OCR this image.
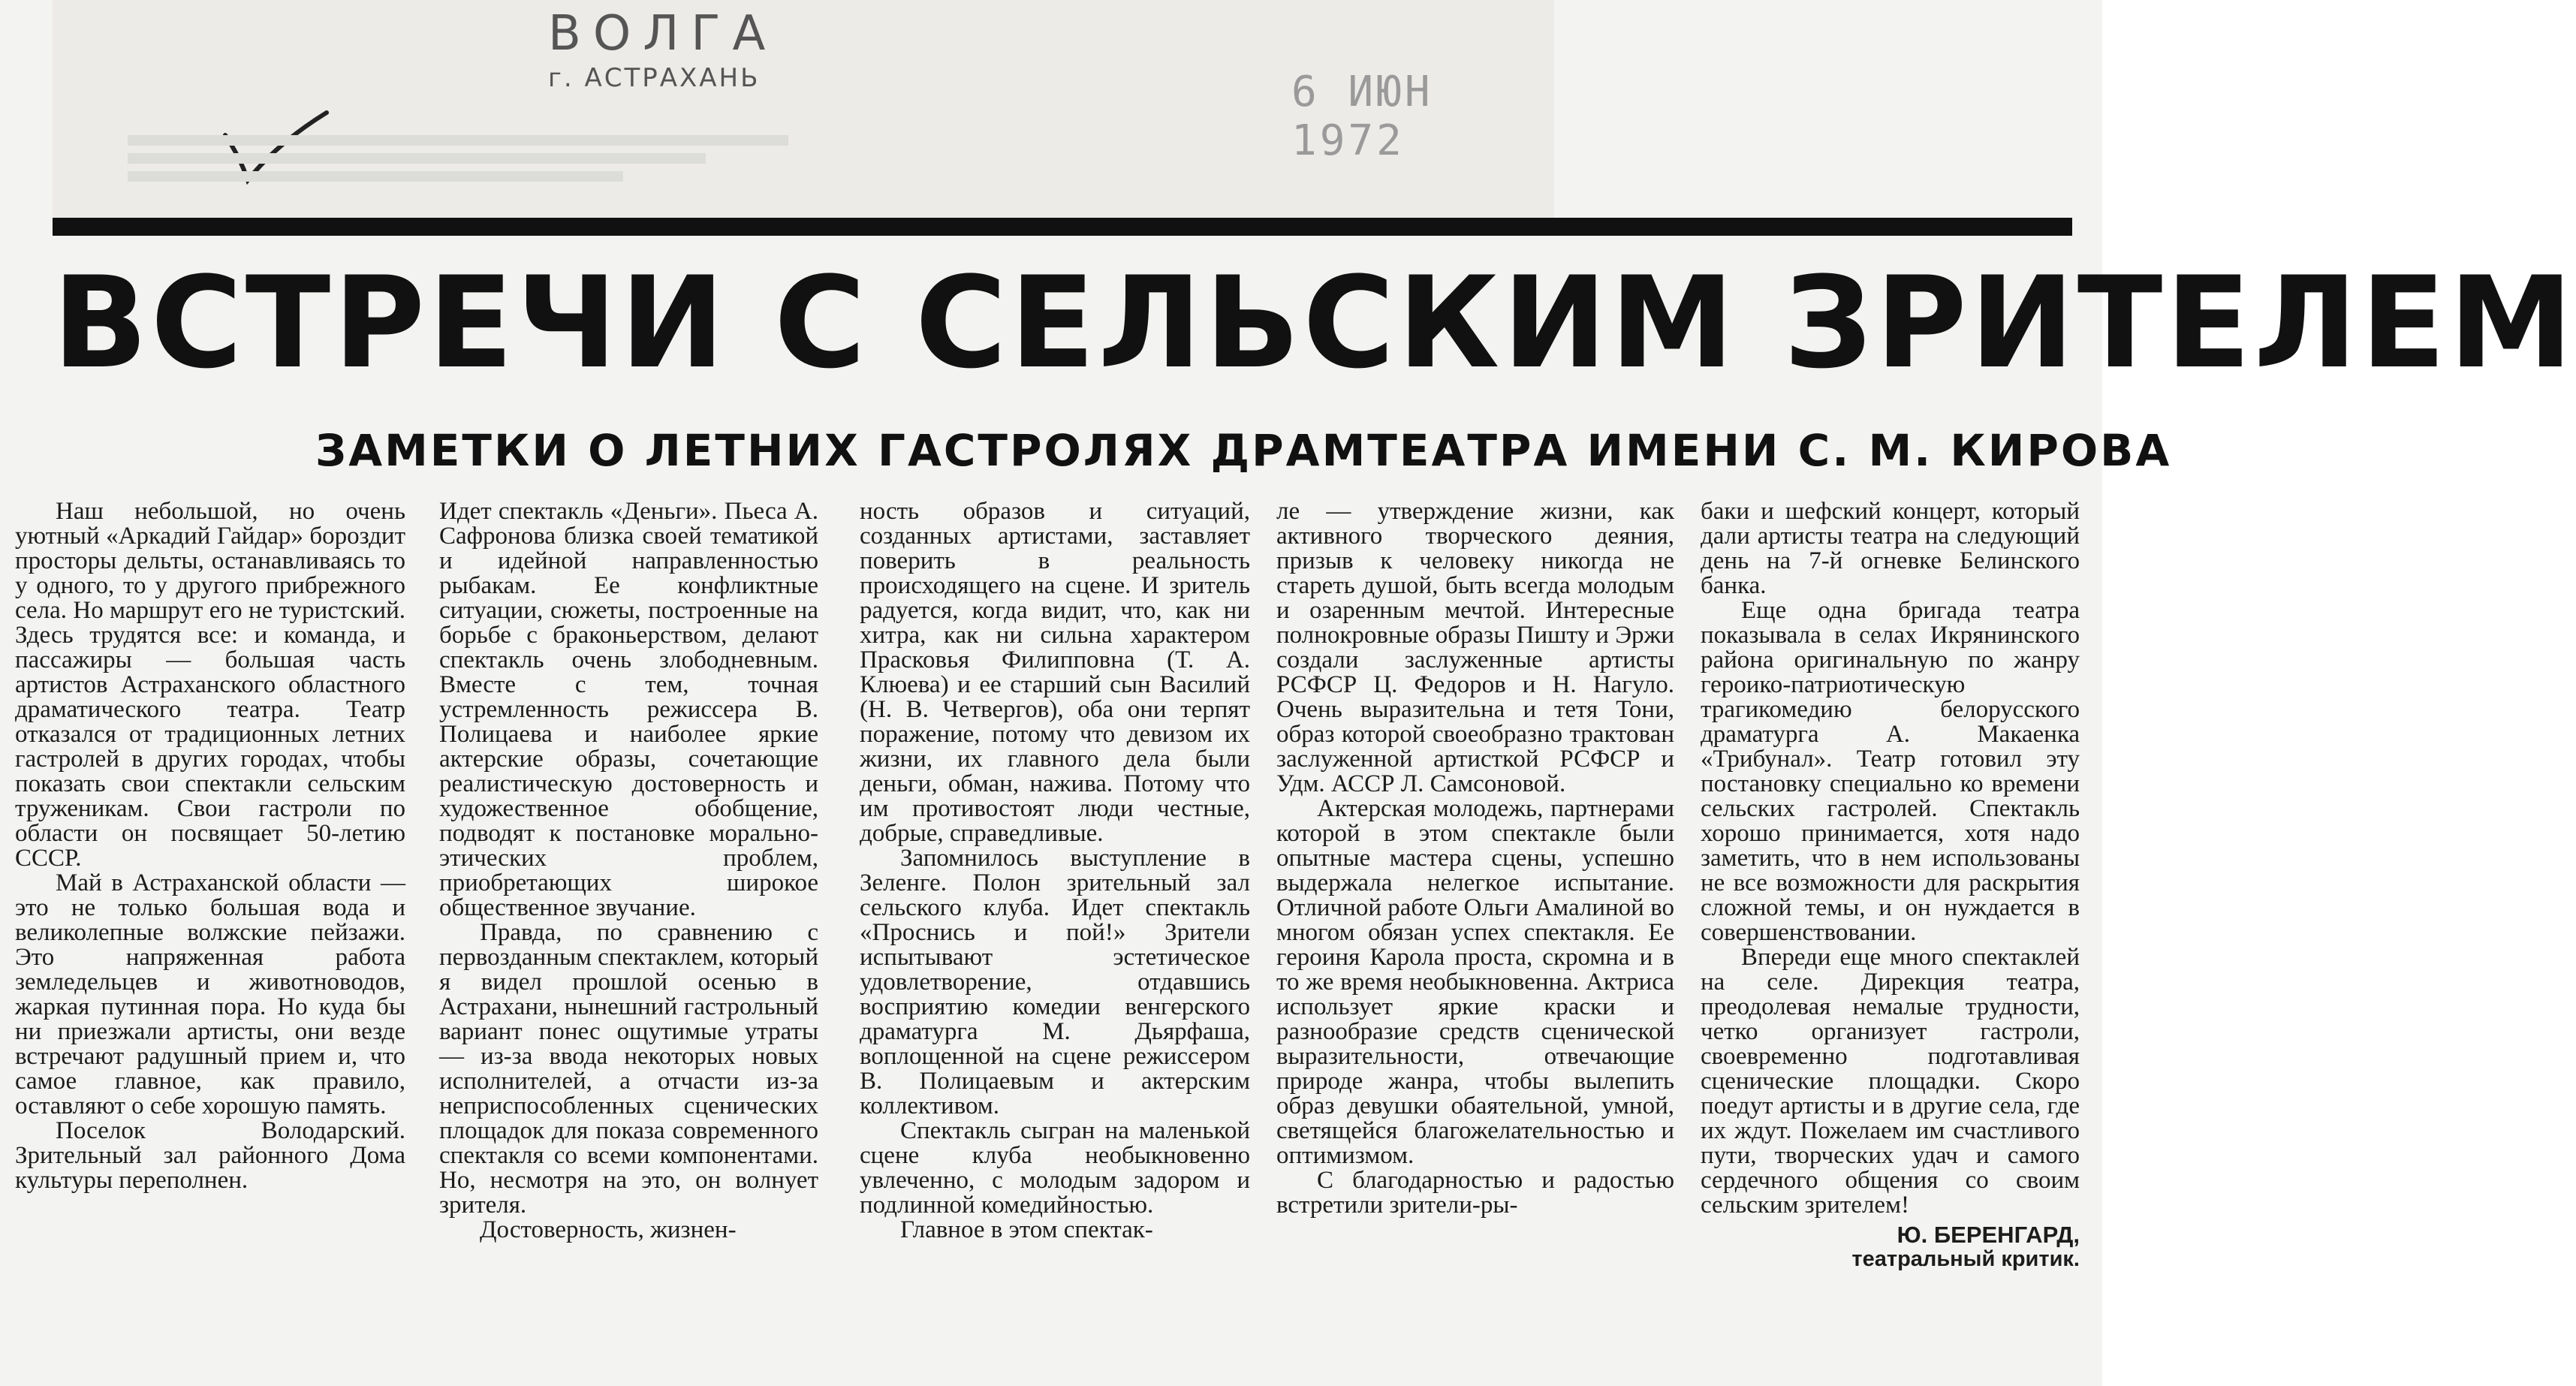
ВОЛГА
г. АСТРАХАНЬ	6 ИЮН 1972
ВСТРЕЧИ С СЕЛЬСКИМ ЗРИТЕЛЕМ
ЗАМЕТКИ О ЛЕТНИХ ГАСТРОЛЯХ ДРАМТЕАТРА ИМЕНИ С. М. КИРОВА

Наш небольшой, но очень уютный «Аркадий Гайдар» бороздит просторы дельты, останавливаясь то у одного, то у другого прибрежного села. Но маршрут его не туристский. Здесь трудятся все: и команда, и пассажиры — большая часть артистов Астраханского областного драматического театра. Театр отказался от традиционных летних гастролей в других городах, чтобы показать свои спектакли сельским труженикам. Свои гастроли по области он посвящает 50-летию СССР.

Май в Астраханской области — это не только большая вода и великолепные волжские пейзажи. Это напряженная работа земледельцев и животноводов, жаркая путинная пора. Но куда бы ни приезжали артисты, они везде встречают радушный прием и, что самое главное, как правило, оставляют о себе хорошую память.

Поселок Володарский. Зрительный зал районного Дома культуры переполнен.

Идет спектакль «Деньги». Пьеса А. Сафронова близка своей тематикой и идейной направленностью рыбакам. Ее конфликтные ситуации, сюжеты, построенные на борьбе с браконьерством, делают спектакль очень злободневным. Вместе с тем, точная устремленность режиссера В. Полицаева и наиболее яркие актерские образы, сочетающие реалистическую достоверность и художественное обобщение, подводят к постановке морально-этических проблем, приобретающих широкое общественное звучание.

Правда, по сравнению с первозданным спектаклем, который я видел прошлой осенью в Астрахани, нынешний гастрольный вариант понес ощутимые утраты — из-за ввода некоторых новых исполнителей, а отчасти из-за неприспособленных сценических площадок для показа современного спектакля со всеми компонентами. Но, несмотря на это, он волнует зрителя.

Достоверность, жизнен-

ность образов и ситуаций, созданных артистами, заставляет поверить в реальность происходящего на сцене. И зритель радуется, когда видит, что, как ни хитра, как ни сильна характером Прасковья Филипповна (Т. А. Клюева) и ее старший сын Василий (Н. В. Четвергов), оба они терпят поражение, потому что девизом их жизни, их главного дела были деньги, обман, нажива. Потому что им противостоят люди честные, добрые, справедливые.

Запомнилось выступление в Зеленге. Полон зрительный зал сельского клуба. Идет спектакль «Проснись и пой!» Зрители испытывают эстетическое удовлетворение, отдавшись восприятию комедии венгерского драматурга М. Дьярфаша, воплощенной на сцене режиссером В. Полицаевым и актерским коллективом.

Спектакль сыгран на маленькой сцене клуба необыкновенно увлеченно, с молодым задором и подлинной комедийностью.

Главное в этом спектак-

ле — утверждение жизни, как активного творческого деяния, призыв к человеку никогда не стареть душой, быть всегда молодым и озаренным мечтой. Интересные полнокровные образы Пишту и Эржи создали заслуженные артисты РСФСР Ц. Федоров и Н. Нагуло. Очень выразительна и тетя Тони, образ которой своеобразно трактован заслуженной артисткой РСФСР и Удм. АССР Л. Самсоновой.

Актерская молодежь, партнерами которой в этом спектакле были опытные мастера сцены, успешно выдержала нелегкое испытание. Отличной работе Ольги Амалиной во многом обязан успех спектакля. Ее героиня Карола проста, скромна и в то же время необыкновенна. Актриса использует яркие краски и разнообразие средств сценической выразительности, отвечающие природе жанра, чтобы вылепить образ девушки обаятельной, умной, светящейся благожелательностью и оптимизмом.

С благодарностью и радостью встретили зрители-ры-

баки и шефский концерт, который дали артисты театра на следующий день на 7-й огневке Белинского банка.

Еще одна бригада театра показывала в селах Икрянинского района оригинальную по жанру героико-патриотическую трагикомедию белорусского драматурга А. Макаенка «Трибунал». Театр готовил эту постановку специально ко времени сельских гастролей. Спектакль хорошо принимается, хотя надо заметить, что в нем использованы не все возможности для раскрытия сложной темы, и он нуждается в совершенствовании.

Впереди еще много спектаклей на селе. Дирекция театра, преодолевая немалые трудности, четко организует гастроли, своевременно подготавливая сценические площадки. Скоро поедут артисты и в другие села, где их ждут. Пожелаем им счастливого пути, творческих удач и самого сердечного общения со своим сельским зрителем!

Ю. БЕРЕНГАРД,
театральный критик.
